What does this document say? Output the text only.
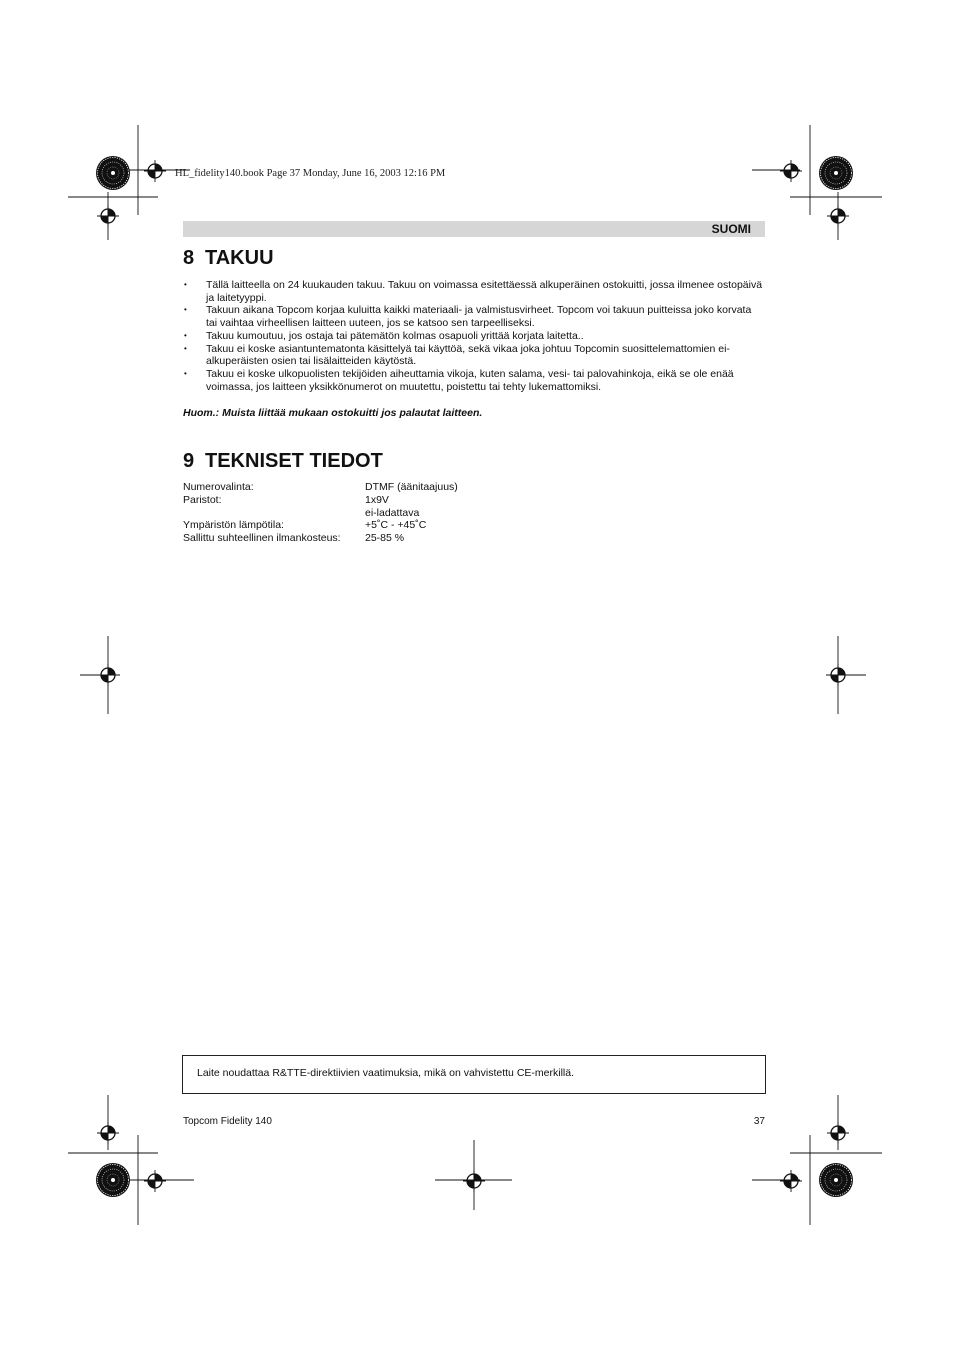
HL_fidelity140.book Page 37 Monday, June 16, 2003 12:16 PM
SUOMI
8 TAKUU
• Tällä laitteella on 24 kuukauden takuu. Takuu on voimassa esitettäessä alkuperäinen ostokuitti, jossa ilmenee ostopäivä ja laitetyyppi.
• Takuun aikana Topcom korjaa kuluitta kaikki materiaali- ja valmistusvirheet. Topcom voi takuun puitteissa joko korvata tai vaihtaa virheellisen laitteen uuteen, jos se katsoo sen tarpeelliseksi.
• Takuu kumoutuu, jos ostaja tai pätemätön kolmas osapuoli yrittää korjata laitetta..
• Takuu ei koske asiantuntematonta käsittelyä tai käyttöä, sekä vikaa joka johtuu Topcomin suosittelemattomien ei-alkuperäisten osien tai lisälaitteiden käytöstä.
• Takuu ei koske ulkopuolisten tekijöiden aiheuttamia vikoja, kuten salama, vesi- tai palovahinkoja, eikä se ole enää voimassa, jos laitteen yksikkönumerot on muutettu, poistettu tai tehty lukemattomiksi.
Huom.: Muista liittää mukaan ostokuitti jos palautat laitteen.
9 TEKNISET TIEDOT
Numerovalinta:	DTMF (äänitaajuus)
Paristot:	1x9V
ei-ladattava
Ympäristön lämpötila:	+5˚C - +45˚C
Sallittu suhteellinen ilmankosteus:	25-85 %
Laite noudattaa R&TTE-direktiivien vaatimuksia, mikä on vahvistettu CE-merkillä.
Topcom Fidelity 140	37
